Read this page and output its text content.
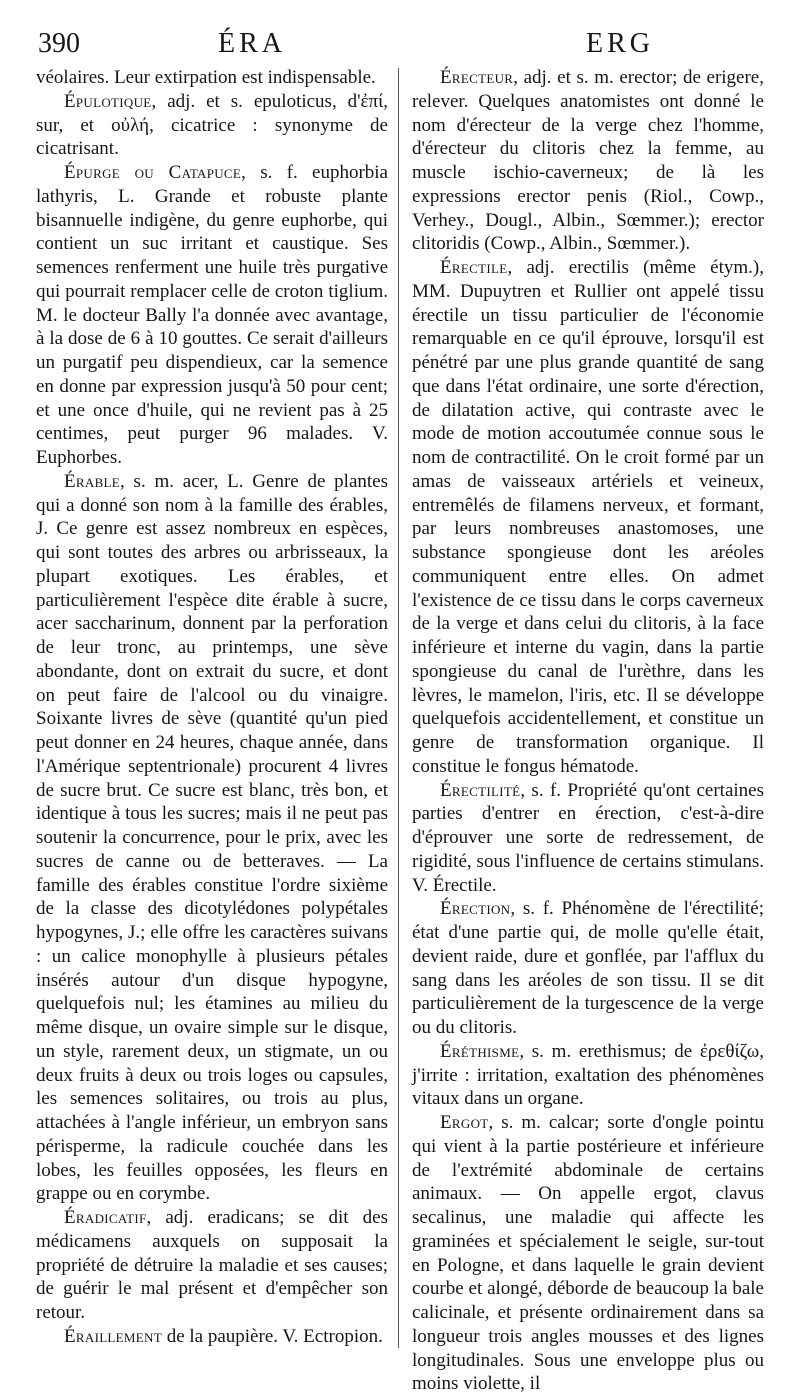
390	ÉRA	ERG

véolaires. Leur extirpation est indispensable.

Épulotique, adj. et s. epuloticus, d'ἐπί, sur, et οὐλή, cicatrice : synonyme de cicatrisant.

Épurge ou Catapuce, s. f. euphorbia lathyris, L. Grande et robuste plante bisannuelle indigène, du genre euphorbe, qui contient un suc irritant et caustique. Ses semences renferment une huile très purgative qui pourrait remplacer celle de croton tiglium. M. le docteur Bally l'a donnée avec avantage, à la dose de 6 à 10 gouttes. Ce serait d'ailleurs un purgatif peu dispendieux, car la semence en donne par expression jusqu'à 50 pour cent; et une once d'huile, qui ne revient pas à 25 centimes, peut purger 96 malades. V. Euphorbes.

Érable, s. m. acer, L. Genre de plantes qui a donné son nom à la famille des érables, J. Ce genre est assez nombreux en espèces, qui sont toutes des arbres ou arbrisseaux, la plupart exotiques. Les érables, et particulièrement l'espèce dite érable à sucre, acer saccharinum, donnent par la perforation de leur tronc, au printemps, une sève abondante, dont on extrait du sucre, et dont on peut faire de l'alcool ou du vinaigre. Soixante livres de sève (quantité qu'un pied peut donner en 24 heures, chaque année, dans l'Amérique septentrionale) procurent 4 livres de sucre brut. Ce sucre est blanc, très bon, et identique à tous les sucres; mais il ne peut pas soutenir la concurrence, pour le prix, avec les sucres de canne ou de betteraves. — La famille des érables constitue l'ordre sixième de la classe des dicotylédones polypétales hypogynes, J.; elle offre les caractères suivans : un calice monophylle à plusieurs pétales insérés autour d'un disque hypogyne, quelquefois nul; les étamines au milieu du même disque, un ovaire simple sur le disque, un style, rarement deux, un stigmate, un ou deux fruits à deux ou trois loges ou capsules, les semences solitaires, ou trois au plus, attachées à l'angle inférieur, un embryon sans périsperme, la radicule couchée dans les lobes, les feuilles opposées, les fleurs en grappe ou en corymbe.

Éradicatif, adj. eradicans; se dit des médicamens auxquels on supposait la propriété de détruire la maladie et ses causes; de guérir le mal présent et d'empêcher son retour.

Éraillement de la paupière. V. Ectropion.

Érecteur, adj. et s. m. erector; de erigere, relever. Quelques anatomistes ont donné le nom d'érecteur de la verge chez l'homme, d'érecteur du clitoris chez la femme, au muscle ischio-caverneux; de là les expressions erector penis (Riol., Cowp., Verhey., Dougl., Albin., Sœmmer.); erector clitoridis (Cowp., Albin., Sœmmer.).

Érectile, adj. erectilis (même étym.), MM. Dupuytren et Rullier ont appelé tissu érectile un tissu particulier de l'économie remarquable en ce qu'il éprouve, lorsqu'il est pénétré par une plus grande quantité de sang que dans l'état ordinaire, une sorte d'érection, de dilatation active, qui contraste avec le mode de motion accoutumée connue sous le nom de contractilité. On le croit formé par un amas de vaisseaux artériels et veineux, entremêlés de filamens nerveux, et formant, par leurs nombreuses anastomoses, une substance spongieuse dont les aréoles communiquent entre elles. On admet l'existence de ce tissu dans le corps caverneux de la verge et dans celui du clitoris, à la face inférieure et interne du vagin, dans la partie spongieuse du canal de l'urèthre, dans les lèvres, le mamelon, l'iris, etc. Il se développe quelquefois accidentellement, et constitue un genre de transformation organique. Il constitue le fongus hématode.

Érectilité, s. f. Propriété qu'ont certaines parties d'entrer en érection, c'est-à-dire d'éprouver une sorte de redressement, de rigidité, sous l'influence de certains stimulans. V. Érectile.

Érection, s. f. Phénomène de l'érectilité; état d'une partie qui, de molle qu'elle était, devient raide, dure et gonflée, par l'afflux du sang dans les aréoles de son tissu. Il se dit particulièrement de la turgescence de la verge ou du clitoris.

Éréthisme, s. m. erethismus; de ἐρεθίζω, j'irrite : irritation, exaltation des phénomènes vitaux dans un organe.

Ergot, s. m. calcar; sorte d'ongle pointu qui vient à la partie postérieure et inférieure de l'extrémité abdominale de certains animaux. — On appelle ergot, clavus secalinus, une maladie qui affecte les graminées et spécialement le seigle, sur-tout en Pologne, et dans laquelle le grain devient courbe et alongé, déborde de beaucoup la bale calicinale, et présente ordinairement dans sa longueur trois angles mousses et des lignes longitudinales. Sous une enveloppe plus ou moins violette, il
